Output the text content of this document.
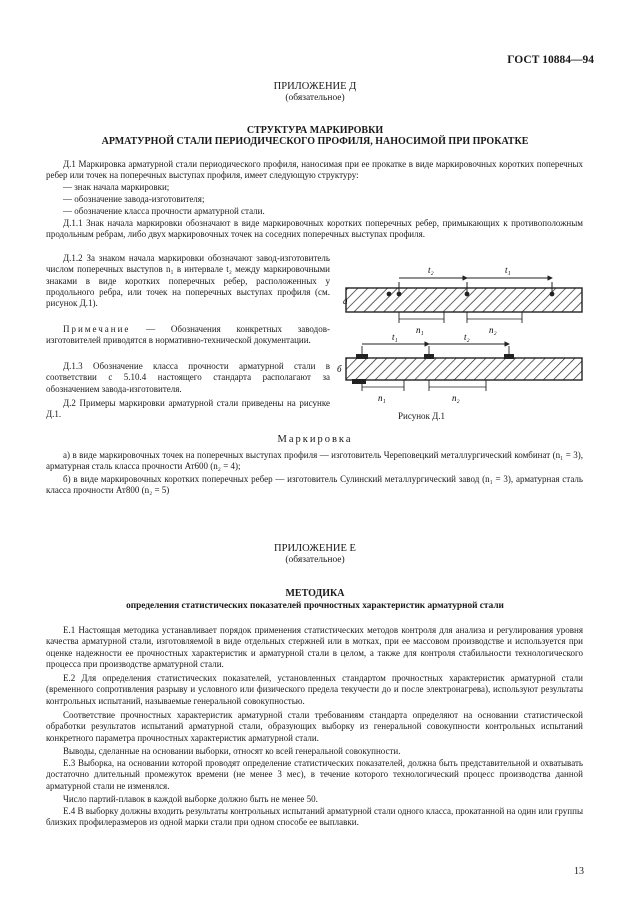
ГОСТ 10884—94
ПРИЛОЖЕНИЕ Д
(обязательное)
СТРУКТУРА МАРКИРОВКИ
АРМАТУРНОЙ СТАЛИ ПЕРИОДИЧЕСКОГО ПРОФИЛЯ, НАНОСИМОЙ ПРИ ПРОКАТКЕ

Д.1 Маркировка арматурной стали периодического профиля, наносимая при ее прокатке в виде маркировочных коротких поперечных ребер или точек на поперечных выступах профиля, имеет следующую структуру:

— знак начала маркировки;
— обозначение завода-изготовителя;
— обозначение класса прочности арматурной стали.

Д.1.1 Знак начала маркировки обозначают в виде маркировочных коротких поперечных ребер, примыкающих к противоположным продольным ребрам, либо двух маркировочных точек на соседних поперечных выступах профиля.

Д.1.2 За знаком начала маркировки обозначают завод-изготовитель числом поперечных выступов n₁ в интервале t₂ между маркировочными знаками в виде коротких поперечных ребер, расположенных у продольного ребра, или точек на поперечных выступах профиля (см. рисунок Д.1).

Примечание — Обозначения конкретных заводов-изготовителей приводятся в нормативно-технической документации.

Д.1.3 Обозначение класса прочности арматурной стали в соответствии с 5.10.4 настоящего стандарта располагают за обозначением завода-изготовителя.

Д.2 Примеры маркировки арматурной стали приведены на рисунке Д.1.

а
t₂	t₁
n₁	n₂
б
t₁	t₂
n₁	n₂
Рисунок Д.1
Маркировка

а) в виде маркировочных точек на поперечных выступах профиля — изготовитель Череповецкий металлургический комбинат (n₁ = 3), арматурная сталь класса прочности Ат600 (n₂ = 4);

б) в виде маркировочных коротких поперечных ребер — изготовитель Сулинский металлургический завод (n₁ = 3), арматурная сталь класса прочности Ат800 (n₂ = 5)

ПРИЛОЖЕНИЕ Е
(обязательное)
МЕТОДИКА
определения статистических показателей прочностных характеристик арматурной стали

Е.1 Настоящая методика устанавливает порядок применения статистических методов контроля для анализа и регулирования уровня качества арматурной стали, изготовляемой в виде отдельных стержней или в мотках, при ее массовом производстве и используется при оценке надежности ее прочностных характеристик и арматурной стали в целом, а также для контроля стабильности технологического процесса при производстве арматурной стали.

Е.2 Для определения статистических показателей, установленных стандартом прочностных характеристик арматурной стали (временного сопротивления разрыву и условного или физического предела текучести до и после электронагрева), используют результаты контрольных испытаний, называемые генеральной совокупностью.

Соответствие прочностных характеристик арматурной стали требованиям стандарта определяют на основании статистической обработки результатов испытаний арматурной стали, образующих выборку из генеральной совокупности контрольных испытаний конкретного параметра прочностных характеристик арматурной стали.

Выводы, сделанные на основании выборки, относят ко всей генеральной совокупности.

Е.3 Выборка, на основании которой проводят определение статистических показателей, должна быть представительной и охватывать достаточно длительный промежуток времени (не менее 3 мес), в течение которого технологический процесс производства данной арматурной стали не изменялся.

Число партий-плавок в каждой выборке должно быть не менее 50.

Е.4 В выборку должны входить результаты контрольных испытаний арматурной стали одного класса, прокатанной на один или группы близких профилеразмеров из одной марки стали при одном способе ее выплавки.

13
